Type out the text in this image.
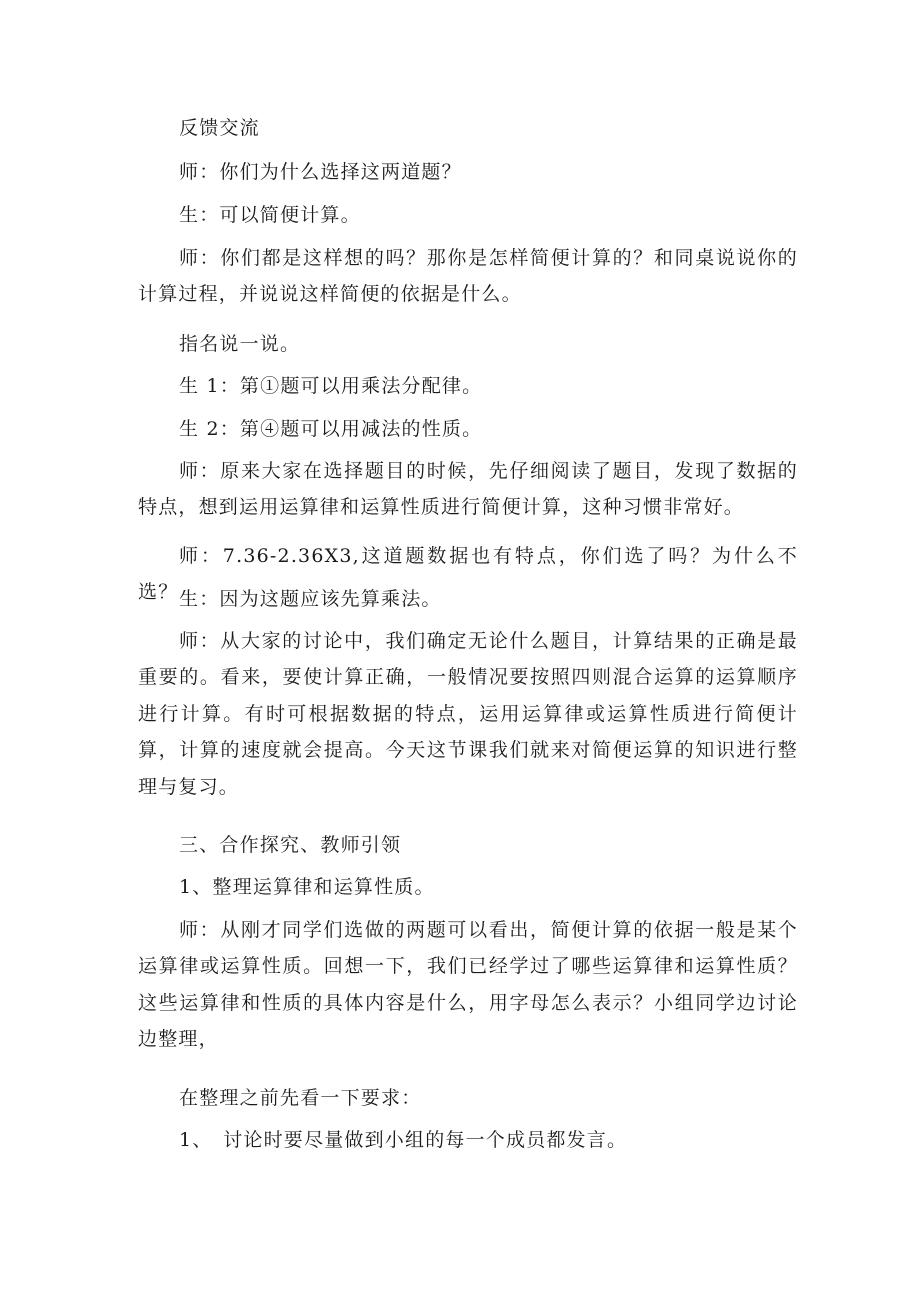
反馈交流
师：你们为什么选择这两道题？
生：可以简便计算。
师：你们都是这样想的吗？那你是怎样简便计算的？和同桌说说你的计算过程，并说说这样简便的依据是什么。
指名说一说。
生 1：第①题可以用乘法分配律。
生 2：第④题可以用减法的性质。
师：原来大家在选择题目的时候，先仔细阅读了题目，发现了数据的特点，想到运用运算律和运算性质进行简便计算，这种习惯非常好。
师：7.36-2.36X3,这道题数据也有特点，你们选了吗？为什么不选？ 生：因为这题应该先算乘法。
师：从大家的讨论中，我们确定无论什么题目，计算结果的正确是最重要的。看来，要使计算正确，一般情况要按照四则混合运算的运算顺序进行计算。有时可根据数据的特点，运用运算律或运算性质进行简便计算，计算的速度就会提高。今天这节课我们就来对简便运算的知识进行整理与复习。
三、合作探究、教师引领
1、整理运算律和运算性质。
师：从刚才同学们选做的两题可以看出，简便计算的依据一般是某个运算律或运算性质。回想一下，我们已经学过了哪些运算律和运算性质？这些运算律和性质的具体内容是什么，用字母怎么表示？小组同学边讨论边整理，
在整理之前先看一下要求：
1、　讨论时要尽量做到小组的每一个成员都发言。
